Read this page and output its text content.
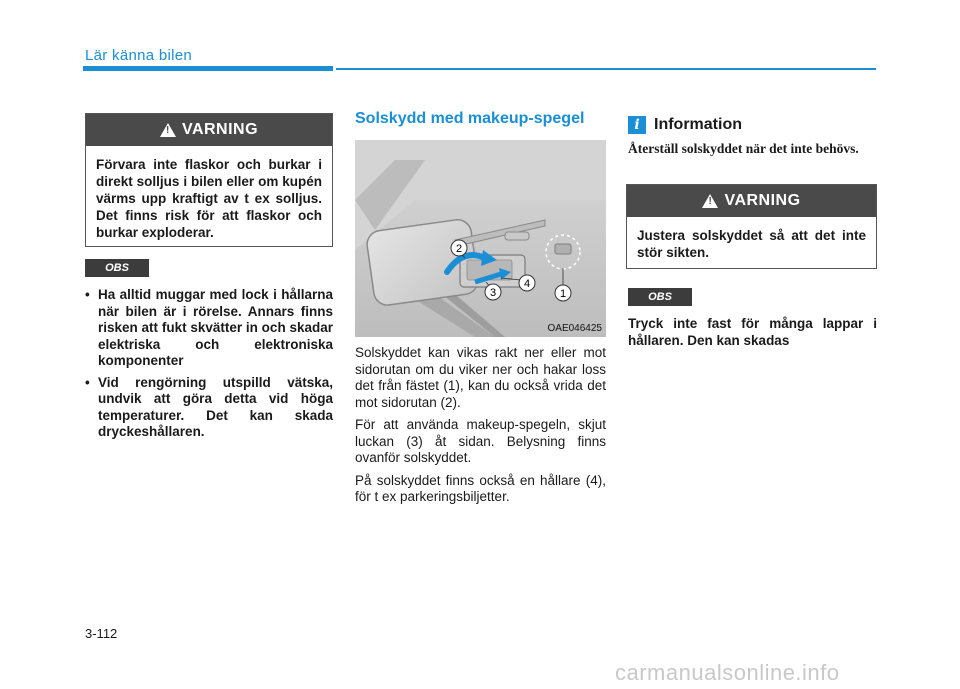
Lär känna bilen
!
VARNING
Förvara inte flaskor och burkar i direkt solljus i bilen eller om kupén värms upp kraftigt av t ex solljus. Det finns risk för att flaskor och burkar exploderar.
OBS
• Ha alltid muggar med lock i hållarna när bilen är i rörelse. Annars finns risken att fukt skvätter in och skadar elektriska och elektroniska komponenter
• Vid rengörning utspilld vätska, undvik att göra detta vid höga temperaturer. Det kan skada dryckeshållaren.
Solskydd med makeup-spegel
2
3
4
1
OAE046425

Solskyddet kan vikas rakt ner eller mot sidorutan om du viker ner och hakar loss det från fästet (1), kan du också vrida det mot sidorutan (2).

För att använda makeup-spegeln, skjut luckan (3) åt sidan. Belysning finns ovanför solskyddet.

På solskyddet finns också en hållare (4), för t ex parkeringsbiljetter.

i Information
Återställ solskyddet när det inte behövs.
!
VARNING
Justera solskyddet så att det inte stör sikten.
OBS
Tryck inte fast för många lappar i hållaren. Den kan skadas
3-112
carmanualsonline.info
